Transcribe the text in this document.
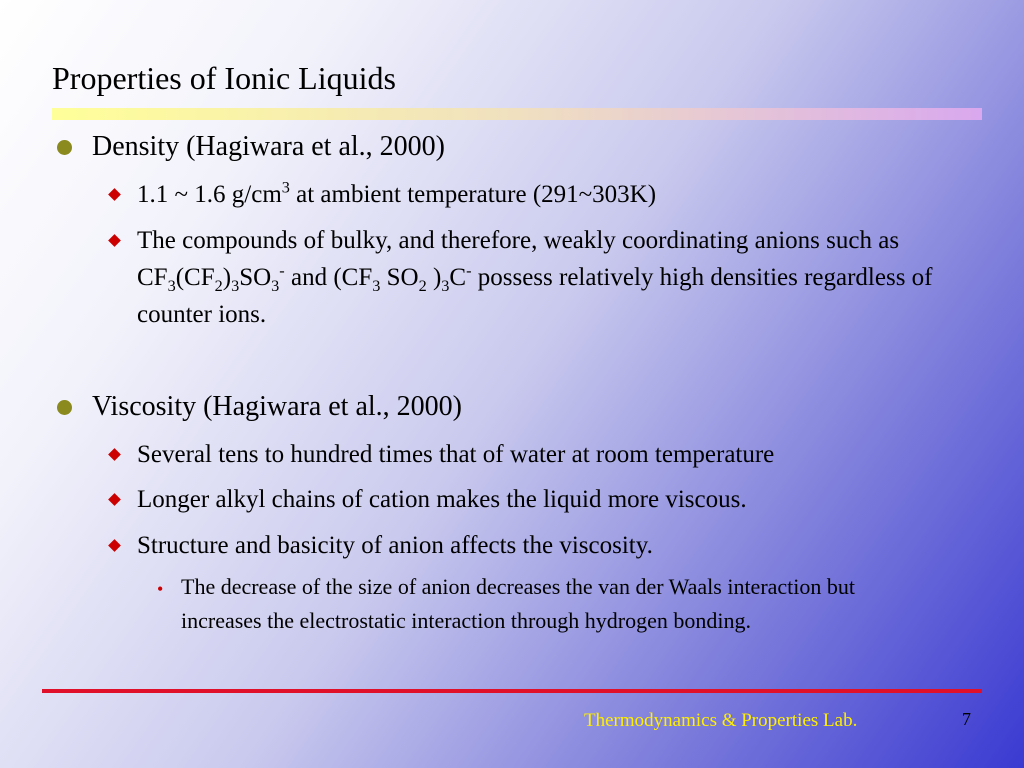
Properties of Ionic Liquids
Density (Hagiwara et al., 2000)
1.1 ~ 1.6 $g/cm^3$ at ambient temperature (291~303K)
The compounds of bulky, and therefore, weakly coordinating anions such as $CF_3(CF_2)_3SO_3^-$ and ($CF_3$ $SO_2$ )$_3C^-$ possess relatively high densities regardless of counter ions.
Viscosity (Hagiwara et al., 2000)
Several tens to hundred times that of water at room temperature
Longer alkyl chains of cation makes the liquid more viscous.
Structure and basicity of anion affects the viscosity.
• The decrease of the size of anion decreases the van der Waals interaction but increases the electrostatic interaction through hydrogen bonding.
Thermodynamics & Properties Lab.	7
